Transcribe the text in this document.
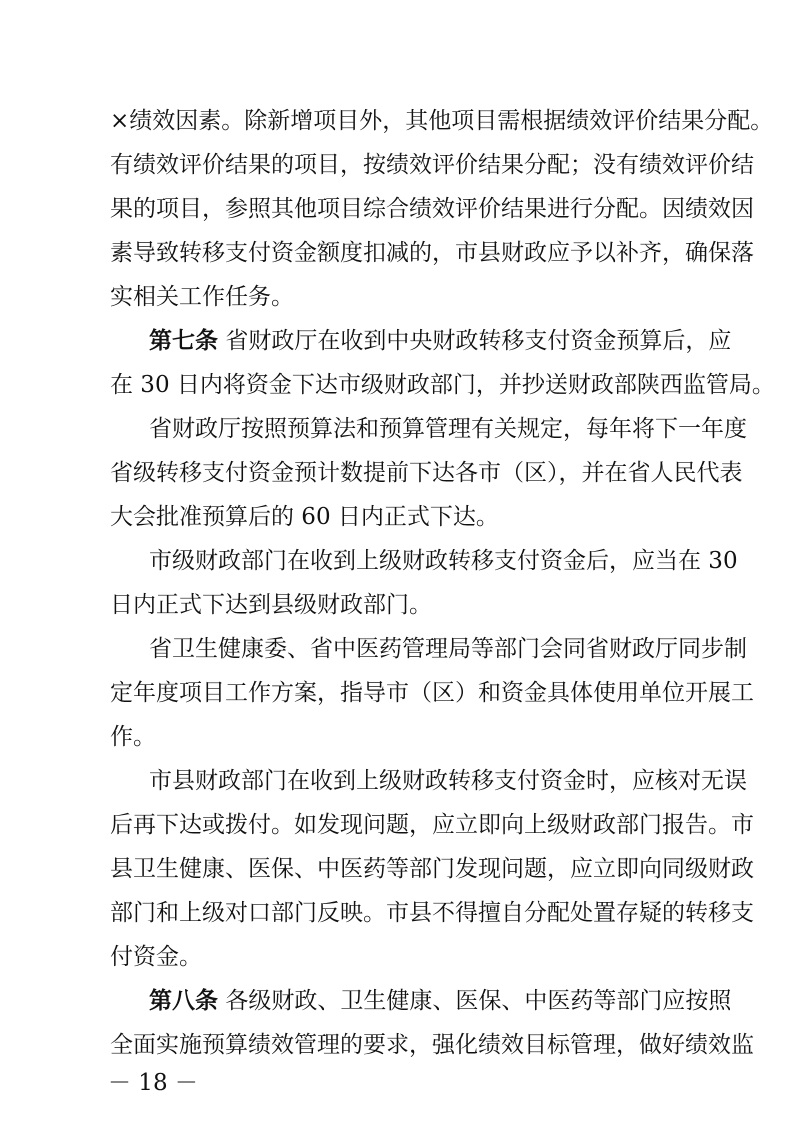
×绩效因素。除新增项目外，其他项目需根据绩效评价结果分配。
有绩效评价结果的项目，按绩效评价结果分配；没有绩效评价结
果的项目，参照其他项目综合绩效评价结果进行分配。因绩效因
素导致转移支付资金额度扣减的，市县财政应予以补齐，确保落
实相关工作任务。
第七条 省财政厅在收到中央财政转移支付资金预算后，应
在 30 日内将资金下达市级财政部门，并抄送财政部陕西监管局。
省财政厅按照预算法和预算管理有关规定，每年将下一年度
省级转移支付资金预计数提前下达各市（区），并在省人民代表
大会批准预算后的 60 日内正式下达。
市级财政部门在收到上级财政转移支付资金后，应当在 30
日内正式下达到县级财政部门。
省卫生健康委、省中医药管理局等部门会同省财政厅同步制
定年度项目工作方案，指导市（区）和资金具体使用单位开展工
作。
市县财政部门在收到上级财政转移支付资金时，应核对无误
后再下达或拨付。如发现问题，应立即向上级财政部门报告。市
县卫生健康、医保、中医药等部门发现问题，应立即向同级财政
部门和上级对口部门反映。市县不得擅自分配处置存疑的转移支
付资金。
第八条 各级财政、卫生健康、医保、中医药等部门应按照
全面实施预算绩效管理的要求，强化绩效目标管理，做好绩效监
－ 18 －
